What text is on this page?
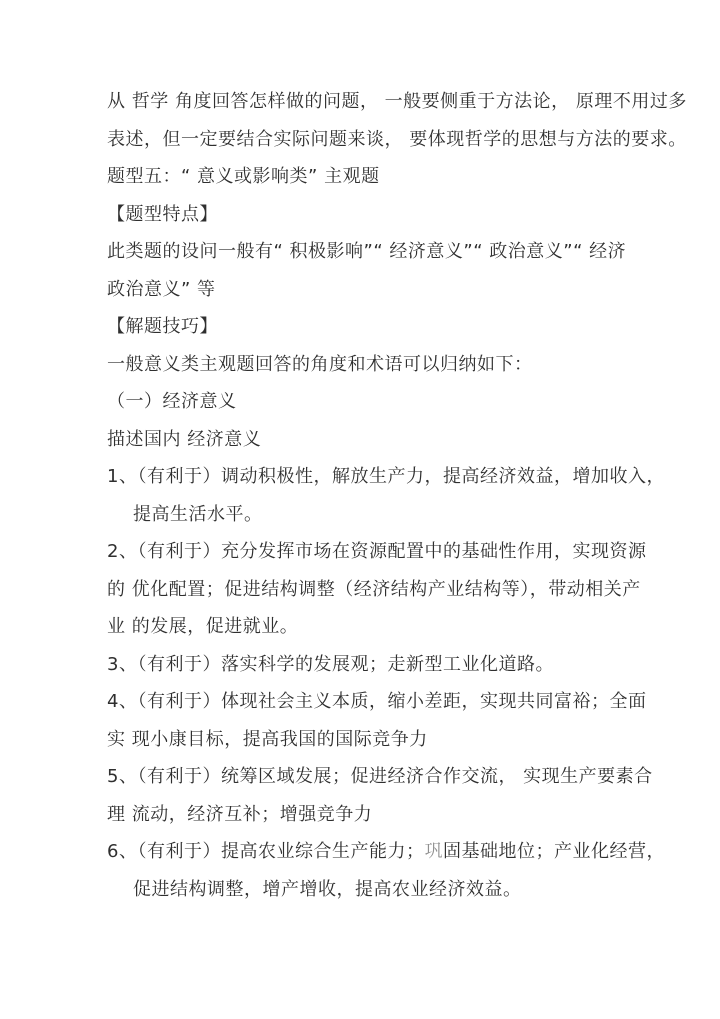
从 哲学 角度回答怎样做的问题， 一般要侧重于方法论， 原理不用过多
表述，但一定要结合实际问题来谈， 要体现哲学的思想与方法的要求。
题型五：“ 意义或影响类” 主观题
【题型特点】
此类题的设问一般有“ 积极影响”“ 经济意义”“ 政治意义”“ 经济
政治意义” 等
【解题技巧】
一般意义类主观题回答的角度和术语可以归纳如下：
（一）经济意义
描述国内 经济意义
1、（有利于）调动积极性，解放生产力，提高经济效益，增加收入，
提高生活水平。
2、（有利于）充分发挥市场在资源配置中的基础性作用，实现资源
的 优化配置；促进结构调整（经济结构产业结构等），带动相关产
业 的发展，促进就业。
3、（有利于）落实科学的发展观；走新型工业化道路。
4、（有利于）体现社会主义本质，缩小差距，实现共同富裕；全面
实 现小康目标，提高我国的国际竞争力
5、（有利于）统筹区域发展；促进经济合作交流， 实现生产要素合
理 流动，经济互补；增强竞争力
6、（有利于）提高农业综合生产能力；巩固基础地位；产业化经营，
促进结构调整，增产增收，提高农业经济效益。
